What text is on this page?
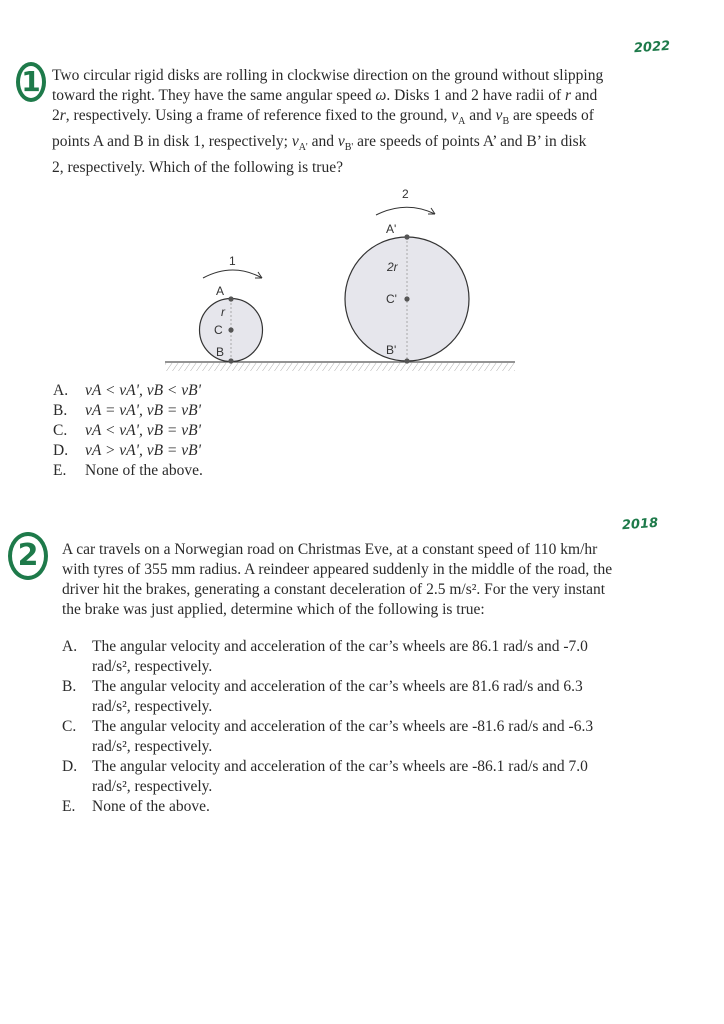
2022
1 Two circular rigid disks are rolling in clockwise direction on the ground without slipping
toward the right. They have the same angular speed ω. Disks 1 and 2 have radii of r and
2r, respectively. Using a frame of reference fixed to the ground, $v_A$ and $v_B$ are speeds of
points A and B in disk 1, respectively; $v_{A'}$ and $v_{B'}$ are speeds of points A’ and B’ in disk
2, respectively. Which of the following is true?
1
A
r
C
B
2
A'
2r
C'
B'
A.	vA < vA', vB < vB'
B.	vA = vA', vB = vB'
C.	vA < vA', vB = vB'
D.	vA > vA', vB = vB'
E.	None of the above.
2018
2	A car travels on a Norwegian road on Christmas Eve, at a constant speed of 110 km/hr
with tyres of 355 mm radius. A reindeer appeared suddenly in the middle of the road, the
driver hit the brakes, generating a constant deceleration of 2.5 m/s². For the very instant
the brake was just applied, determine which of the following is true:
A. The angular velocity and acceleration of the car’s wheels are 86.1 rad/s and -7.0
rad/s², respectively.
B.	The angular velocity and acceleration of the car’s wheels are 81.6 rad/s and 6.3
rad/s², respectively.
C.	The angular velocity and acceleration of the car’s wheels are -81.6 rad/s and -6.3
rad/s², respectively.
D. The angular velocity and acceleration of the car’s wheels are -86.1 rad/s and 7.0
rad/s², respectively.
E.	None of the above.
